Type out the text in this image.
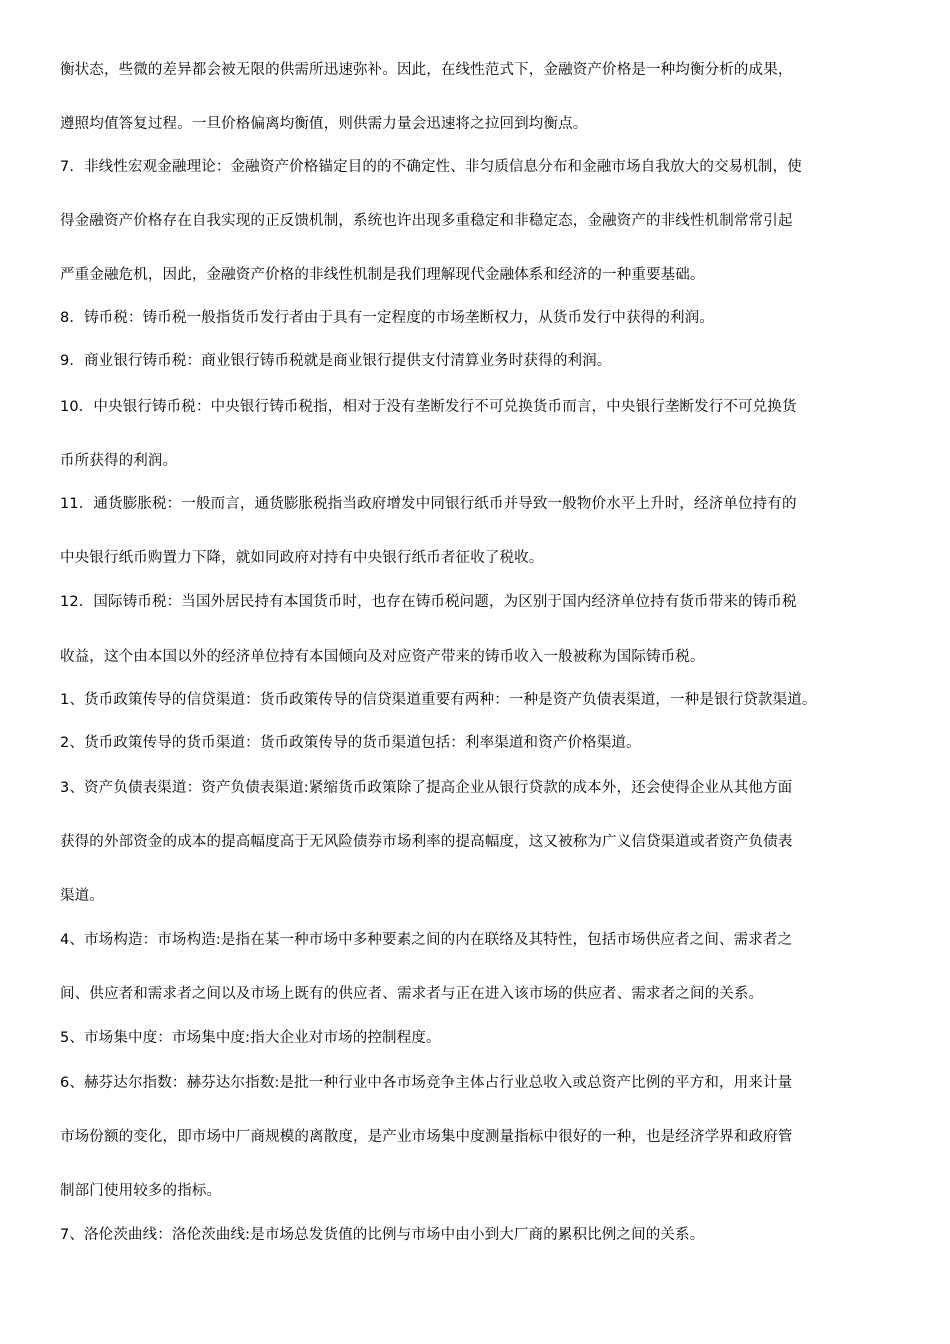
衡状态，些微的差异都会被无限的供需所迅速弥补。因此，在线性范式下，金融资产价格是一种均衡分析的成果，
遵照均值答复过程。一旦价格偏离均衡值，则供需力量会迅速将之拉回到均衡点。
7．非线性宏观金融理论：金融资产价格锚定目的的不确定性、非匀质信息分布和金融市场自我放大的交易机制，使
得金融资产价格存在自我实现的正反馈机制，系统也许出现多重稳定和非稳定态，金融资产的非线性机制常常引起
严重金融危机，因此，金融资产价格的非线性机制是我们理解现代金融体系和经济的一种重要基础。
8．铸币税：铸币税一般指货币发行者由于具有一定程度的市场垄断权力，从货币发行中获得的利润。
9．商业银行铸币税：商业银行铸币税就是商业银行提供支付清算业务时获得的利润。
10．中央银行铸币税：中央银行铸币税指，相对于没有垄断发行不可兑换货币而言，中央银行垄断发行不可兑换货
币所获得的利润。
11．通货膨胀税：一般而言，通货膨胀税指当政府增发中同银行纸币并导致一般物价水平上升时，经济单位持有的
中央银行纸币购置力下降，就如同政府对持有中央银行纸币者征收了税收。
12．国际铸币税：当国外居民持有本国货币时，也存在铸币税问题，为区别于国内经济单位持有货币带来的铸币税
收益，这个由本国以外的经济单位持有本国倾向及对应资产带来的铸币收入一般被称为国际铸币税。
1、货币政策传导的信贷渠道：货币政策传导的信贷渠道重要有两种：一种是资产负债表渠道，一种是银行贷款渠道。
2、货币政策传导的货币渠道：货币政策传导的货币渠道包括：利率渠道和资产价格渠道。
3、资产负债表渠道：资产负债表渠道:紧缩货币政策除了提高企业从银行贷款的成本外，还会使得企业从其他方面
获得的外部资金的成本的提高幅度高于无风险债券市场利率的提高幅度，这又被称为广义信贷渠道或者资产负债表
渠道。
4、市场构造：市场构造:是指在某一种市场中多种要素之间的内在联络及其特性，包括市场供应者之间、需求者之
间、供应者和需求者之间以及市场上既有的供应者、需求者与正在进入该市场的供应者、需求者之间的关系。
5、市场集中度：市场集中度:指大企业对市场的控制程度。
6、赫芬达尔指数：赫芬达尔指数:是批一种行业中各市场竞争主体占行业总收入或总资产比例的平方和，用来计量
市场份额的变化，即市场中厂商规模的离散度，是产业市场集中度测量指标中很好的一种，也是经济学界和政府管
制部门使用较多的指标。
7、洛伦茨曲线：洛伦茨曲线:是市场总发货值的比例与市场中由小到大厂商的累积比例之间的关系。
